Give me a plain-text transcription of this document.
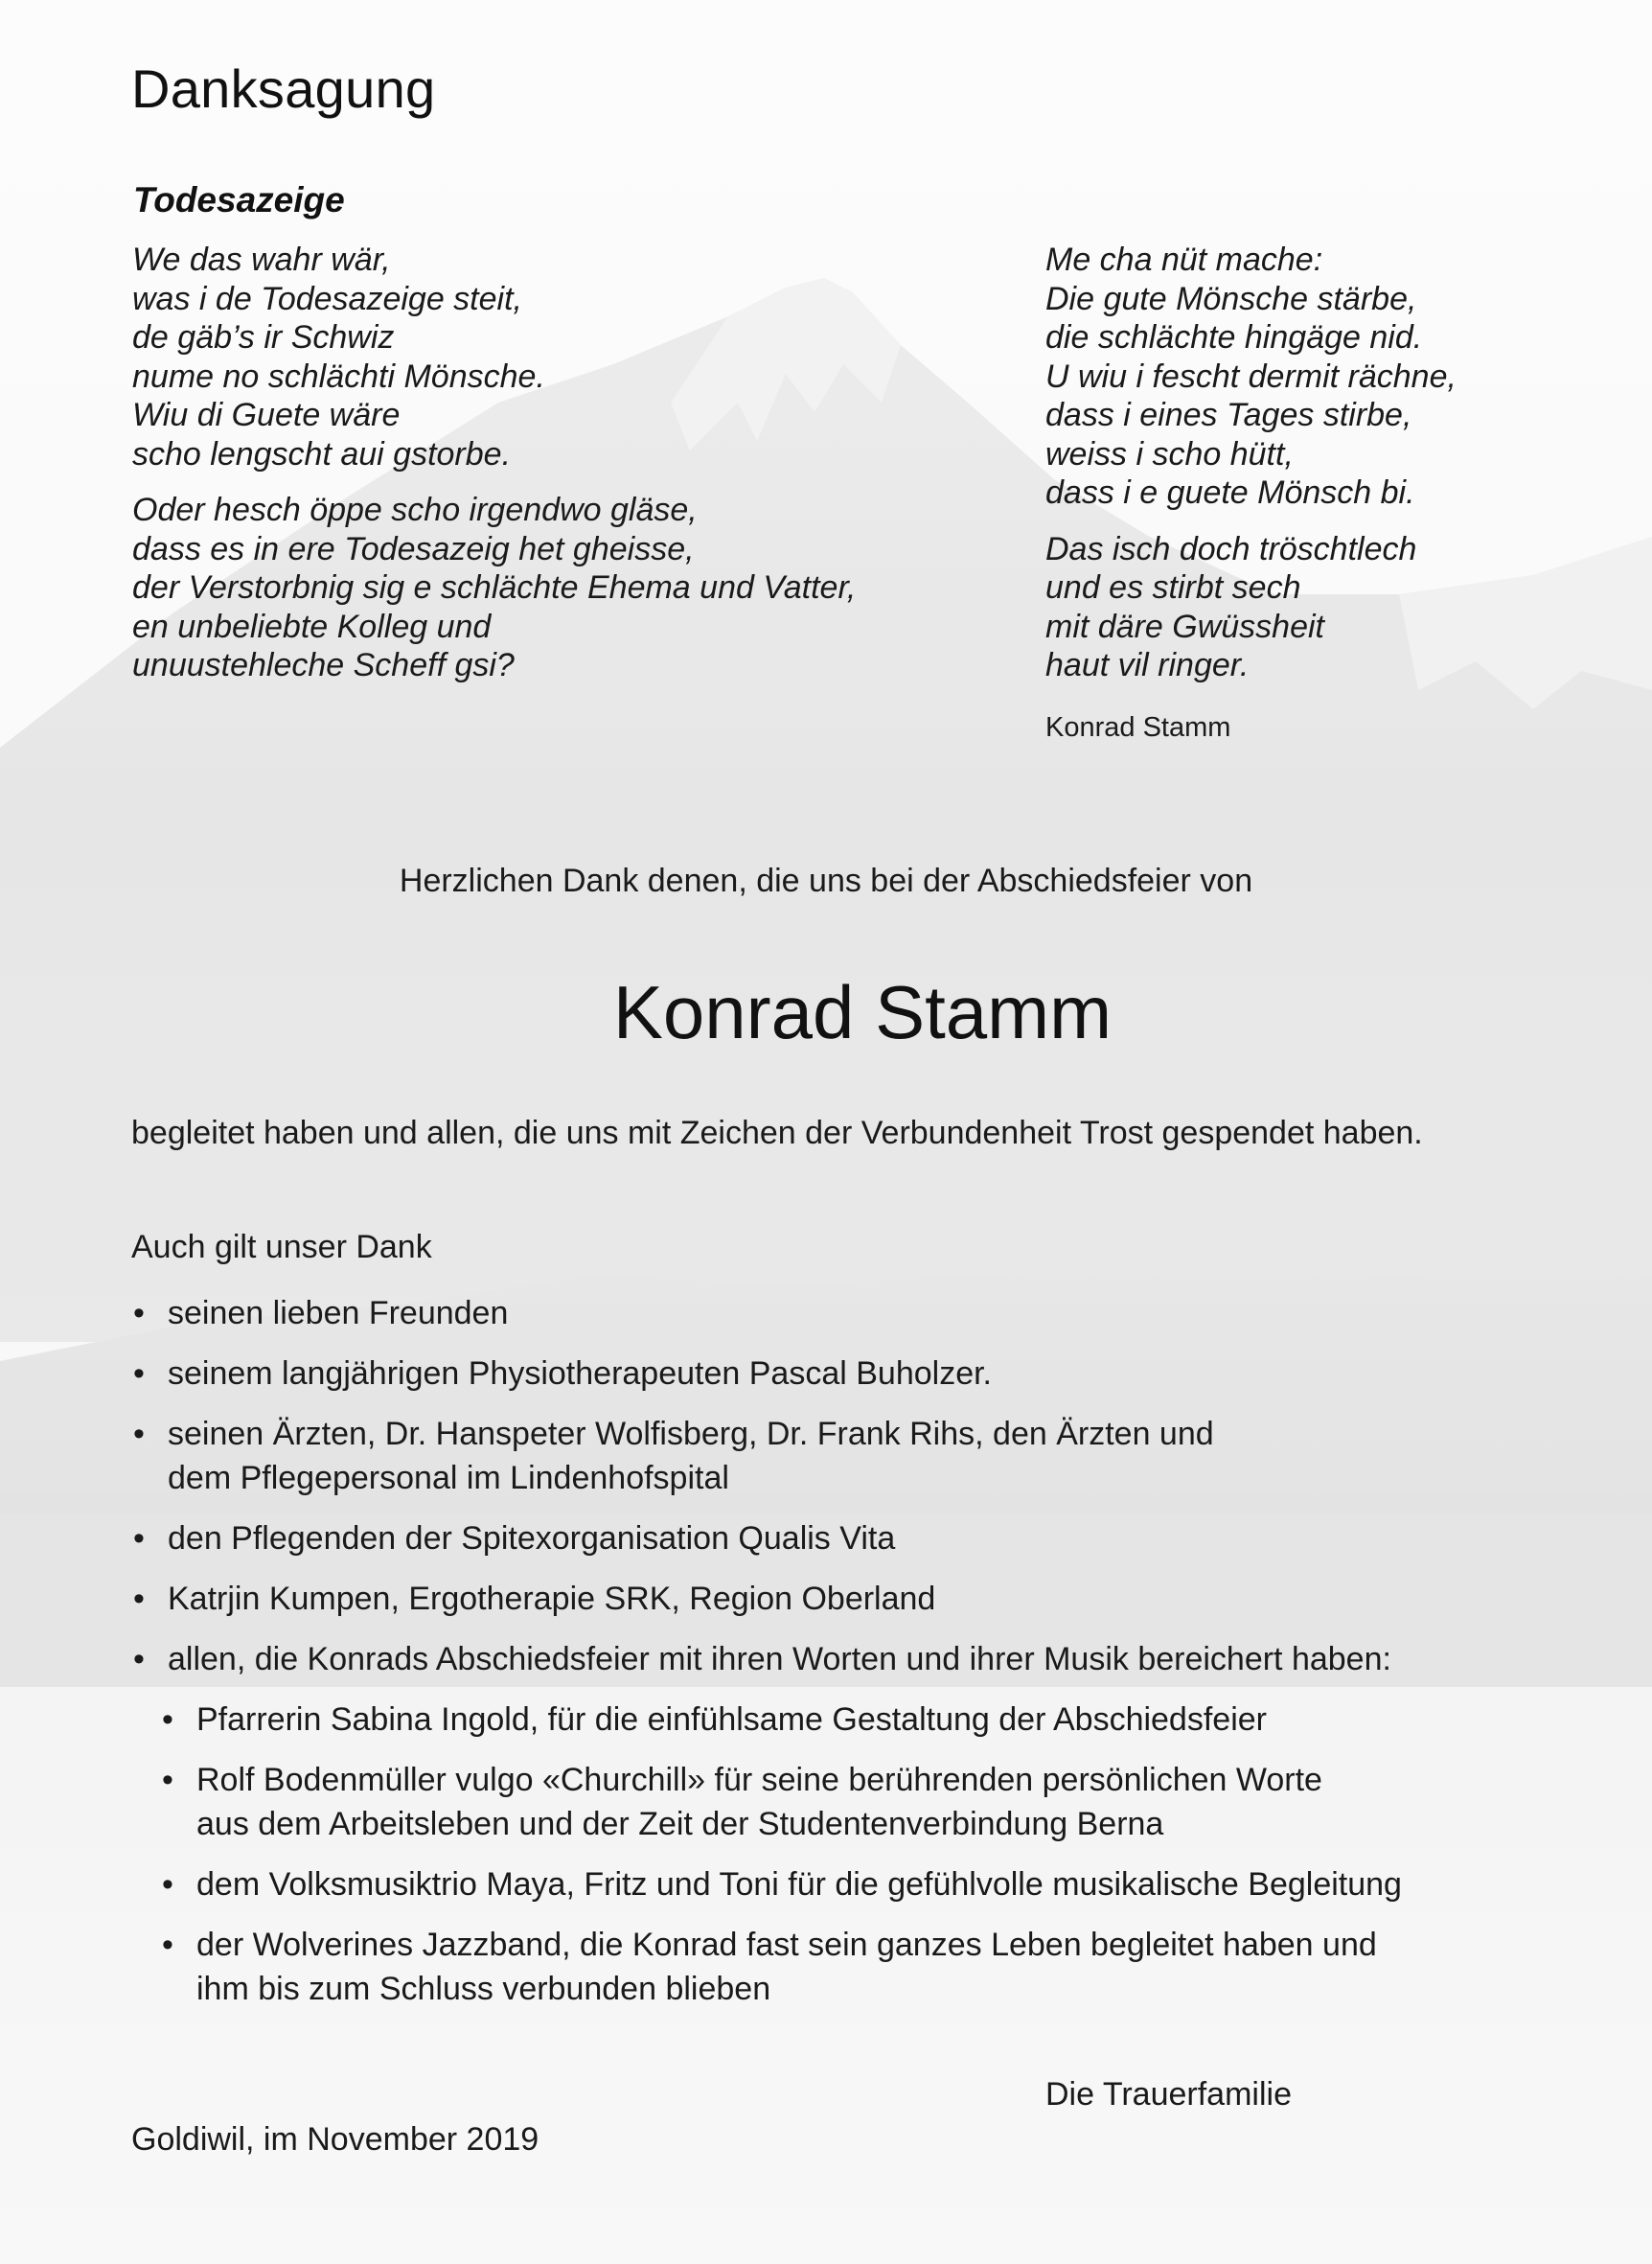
Danksagung
Todesazeige

We das wahr wär,
was i de Todesazeige steit,
de gäb’s ir Schwiz
nume no schlächti Mönsche.
Wiu di Guete wäre
scho lengscht aui gstorbe.

Oder hesch öppe scho irgendwo gläse,
dass es in ere Todesazeig het gheisse,
der Verstorbnig sig e schlächte Ehema und Vatter,
en unbeliebte Kolleg und
unuustehleche Scheff gsi?

Me cha nüt mache:
Die gute Mönsche stärbe,
die schlächte hingäge nid.
U wiu i fescht dermit rächne,
dass i eines Tages stirbe,
weiss i scho hütt,
dass i e guete Mönsch bi.

Das isch doch tröschtlech
und es stirbt sech
mit däre Gwüssheit
haut vil ringer.

Konrad Stamm
Herzlichen Dank denen, die uns bei der Abschiedsfeier von
Konrad Stamm
begleitet haben und allen, die uns mit Zeichen der Verbundenheit Trost gespendet haben.
Auch gilt unser Dank
• seinen lieben Freunden
• seinem langjährigen Physiotherapeuten Pascal Buholzer.
• seinen Ärzten, Dr. Hanspeter Wolfisberg, Dr. Frank Rihs, den Ärzten und
dem Pflegepersonal im Lindenhofspital
• den Pflegenden der Spitexorganisation Qualis Vita
• Katrjin Kumpen, Ergotherapie SRK, Region Oberland
• allen, die Konrads Abschiedsfeier mit ihren Worten und ihrer Musik bereichert haben:
• Pfarrerin Sabina Ingold, für die einfühlsame Gestaltung der Abschiedsfeier
• Rolf Bodenmüller vulgo «Churchill» für seine berührenden persönlichen Worte
aus dem Arbeitsleben und der Zeit der Studentenverbindung Berna
• dem Volksmusiktrio Maya, Fritz und Toni für die gefühlvolle musikalische Begleitung
• der Wolverines Jazzband, die Konrad fast sein ganzes Leben begleitet haben und
ihm bis zum Schluss verbunden blieben
Die Trauerfamilie
Goldiwil, im November 2019
